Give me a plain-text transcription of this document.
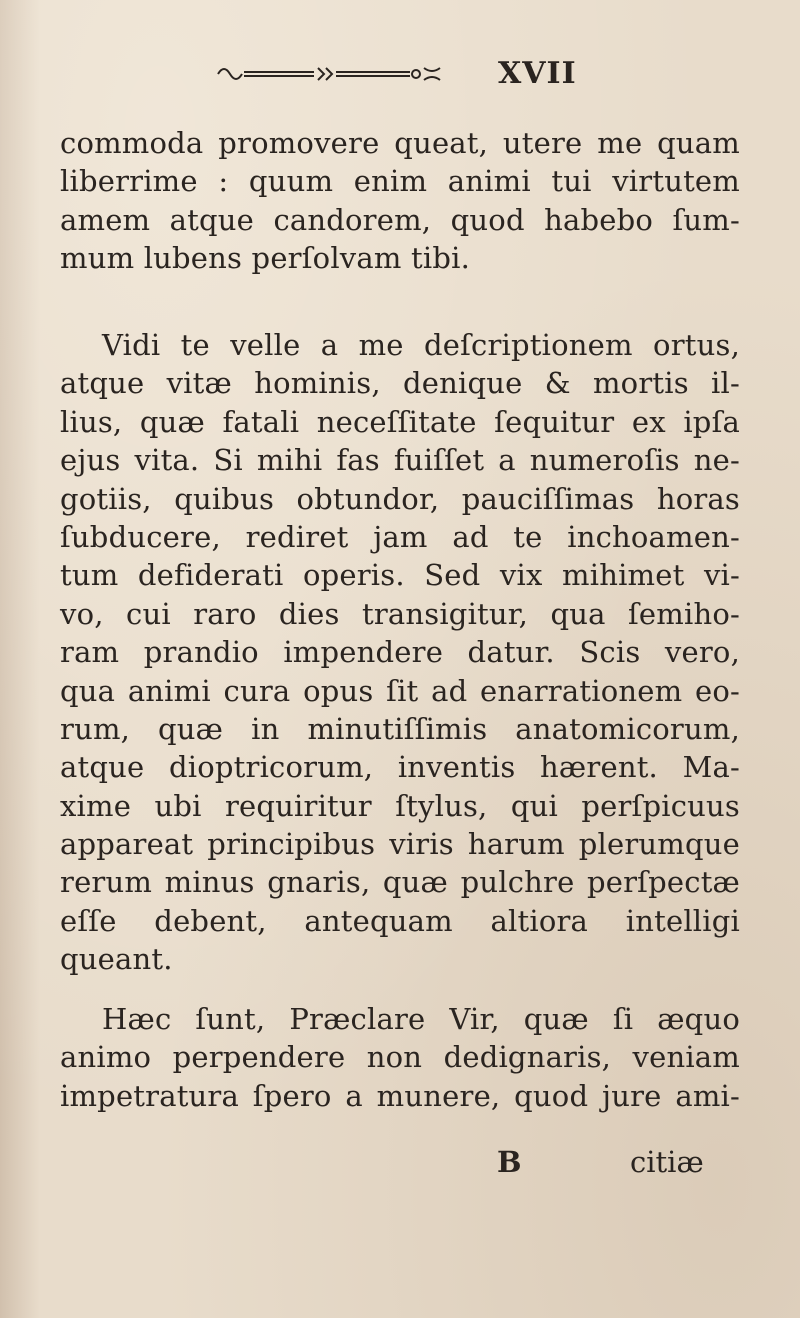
XVII
commoda promovere queat, utere me quam
liberrime : quum enim animi tui virtutem
amem atque candorem, quod habebo ſum-
mum lubens perſolvam tibi.
Vidi te velle a me deſcriptionem ortus,
atque vitæ hominis, denique & mortis il-
lius, quæ fatali neceſſitate ſequitur ex ipſa
ejus vita. Si mihi fas fuiſſet a numeroſis ne-
gotiis, quibus obtundor, pauciſſimas horas
ſubducere, rediret jam ad te inchoamen-
tum defiderati operis. Sed vix mihimet vi-
vo, cui raro dies transigitur, qua ſemiho-
ram prandio impendere datur. Scis vero,
qua animi cura opus ſit ad enarrationem eo-
rum, quæ in minutiſſimis anatomicorum,
atque dioptricorum, inventis hærent. Ma-
xime ubi requiritur ſtylus, qui perſpicuus
appareat principibus viris harum plerumque
rerum minus gnaris, quæ pulchre perſpectæ
eſſe debent, antequam altiora intelligi
queant.
Hæc ſunt, Præclare Vir, quæ ſi æquo
animo perpendere non dedignaris, veniam
impetratura ſpero a munere, quod jure ami-
B	citiæ
